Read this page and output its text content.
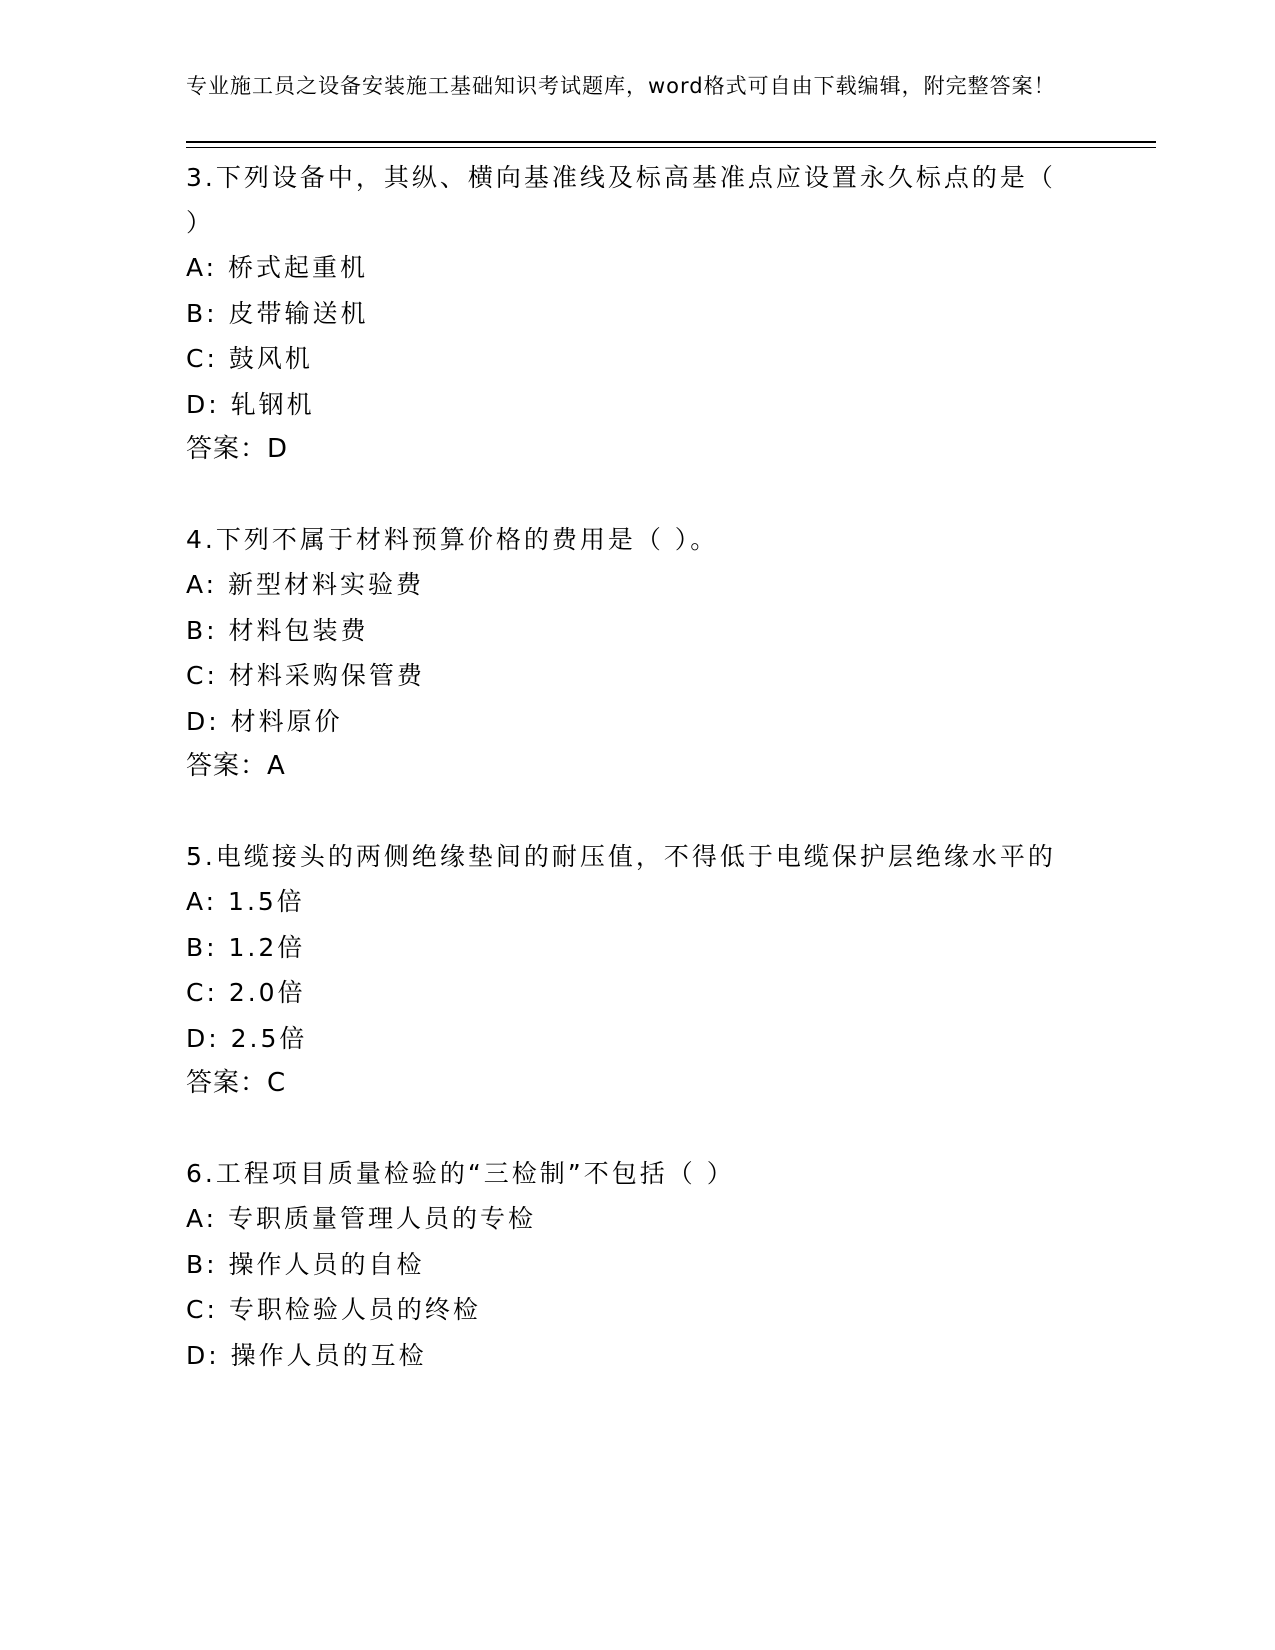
专业施工员之设备安装施工基础知识考试题库，word格式可自由下载编辑，附完整答案！

3.下列设备中，其纵、横向基准线及标高基准点应设置永久标点的是（ ）

A: 桥式起重机

B: 皮带输送机

C: 鼓风机

D: 轧钢机

答案：D

4.下列不属于材料预算价格的费用是（ ）。

A: 新型材料实验费

B: 材料包装费

C: 材料采购保管费

D: 材料原价

答案：A

5.电缆接头的两侧绝缘垫间的耐压值，不得低于电缆保护层绝缘水平的

A: 1.5倍

B: 1.2倍

C: 2.0倍

D: 2.5倍

答案：C

6.工程项目质量检验的“三检制”不包括（ ）

A: 专职质量管理人员的专检

B: 操作人员的自检

C: 专职检验人员的终检

D: 操作人员的互检
